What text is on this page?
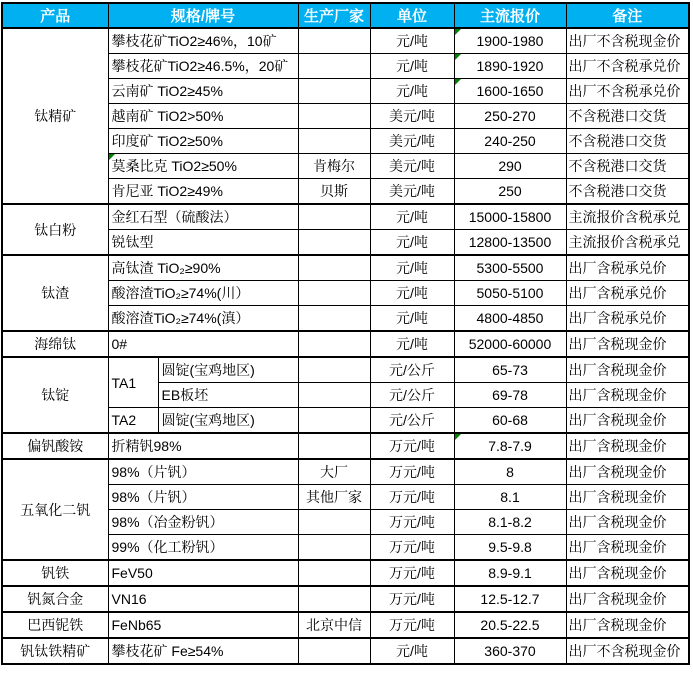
产品	规格/牌号		生产厂家	单位	主流报价	备注
钛精矿	攀枝花矿TiO2≥46%，10矿			元/吨	1900-1980	出厂不含税现金价
	攀枝花矿TiO2≥46.5%，20矿			元/吨	1890-1920	出厂不含税承兑价
	云南矿 TiO2≥45%			元/吨	1600-1650	出厂不含税承兑价
	越南矿 TiO2>50%			美元/吨	250-270	不含税港口交货
	印度矿 TiO2≥50%			美元/吨	240-250	不含税港口交货
	莫桑比克 TiO2≥50%		肯梅尔	美元/吨	290	不含税港口交货
	肯尼亚 TiO2≥49%		贝斯	美元/吨	250	不含税港口交货
钛白粉	金红石型（硫酸法）			元/吨	15000-15800	主流报价含税承兑
	锐钛型			元/吨	12800-13500	主流报价含税承兑
钛渣	高钛渣 TiO₂≥90%			元/吨	5300-5500	出厂含税承兑价
	酸溶渣TiO₂≥74%(川）			元/吨	5050-5100	出厂含税承兑价
	酸溶渣TiO₂≥74%(滇）			元/吨	4800-4850	出厂含税承兑价
海绵钛	0#			元/吨	52000-60000	出厂含税现金价
钛锭	TA1	圆锭(宝鸡地区)		元/公斤	65-73	出厂含税现金价
		EB板坯		元/公斤	69-78	出厂含税现金价
	TA2	圆锭(宝鸡地区)		元/公斤	60-68	出厂含税现金价
偏钒酸铵	折精钒98%			万元/吨	7.8-7.9	出厂含税现金价
五氧化二钒	98%（片钒）		大厂	万元/吨	8	出厂含税现金价
	98%（片钒）		其他厂家	万元/吨	8.1	出厂含税现金价
	98%（冶金粉钒）			万元/吨	8.1-8.2	出厂含税现金价
	99%（化工粉钒）			万元/吨	9.5-9.8	出厂含税现金价
钒铁	FeV50			万元/吨	8.9-9.1	出厂含税现金价
钒氮合金	VN16			万元/吨	12.5-12.7	出厂含税现金价
巴西铌铁	FeNb65		北京中信	万元/吨	20.5-22.5	出厂含税现金价
钒钛铁精矿	攀枝花矿 Fe≥54%			元/吨	360-370	出厂不含税现金价
